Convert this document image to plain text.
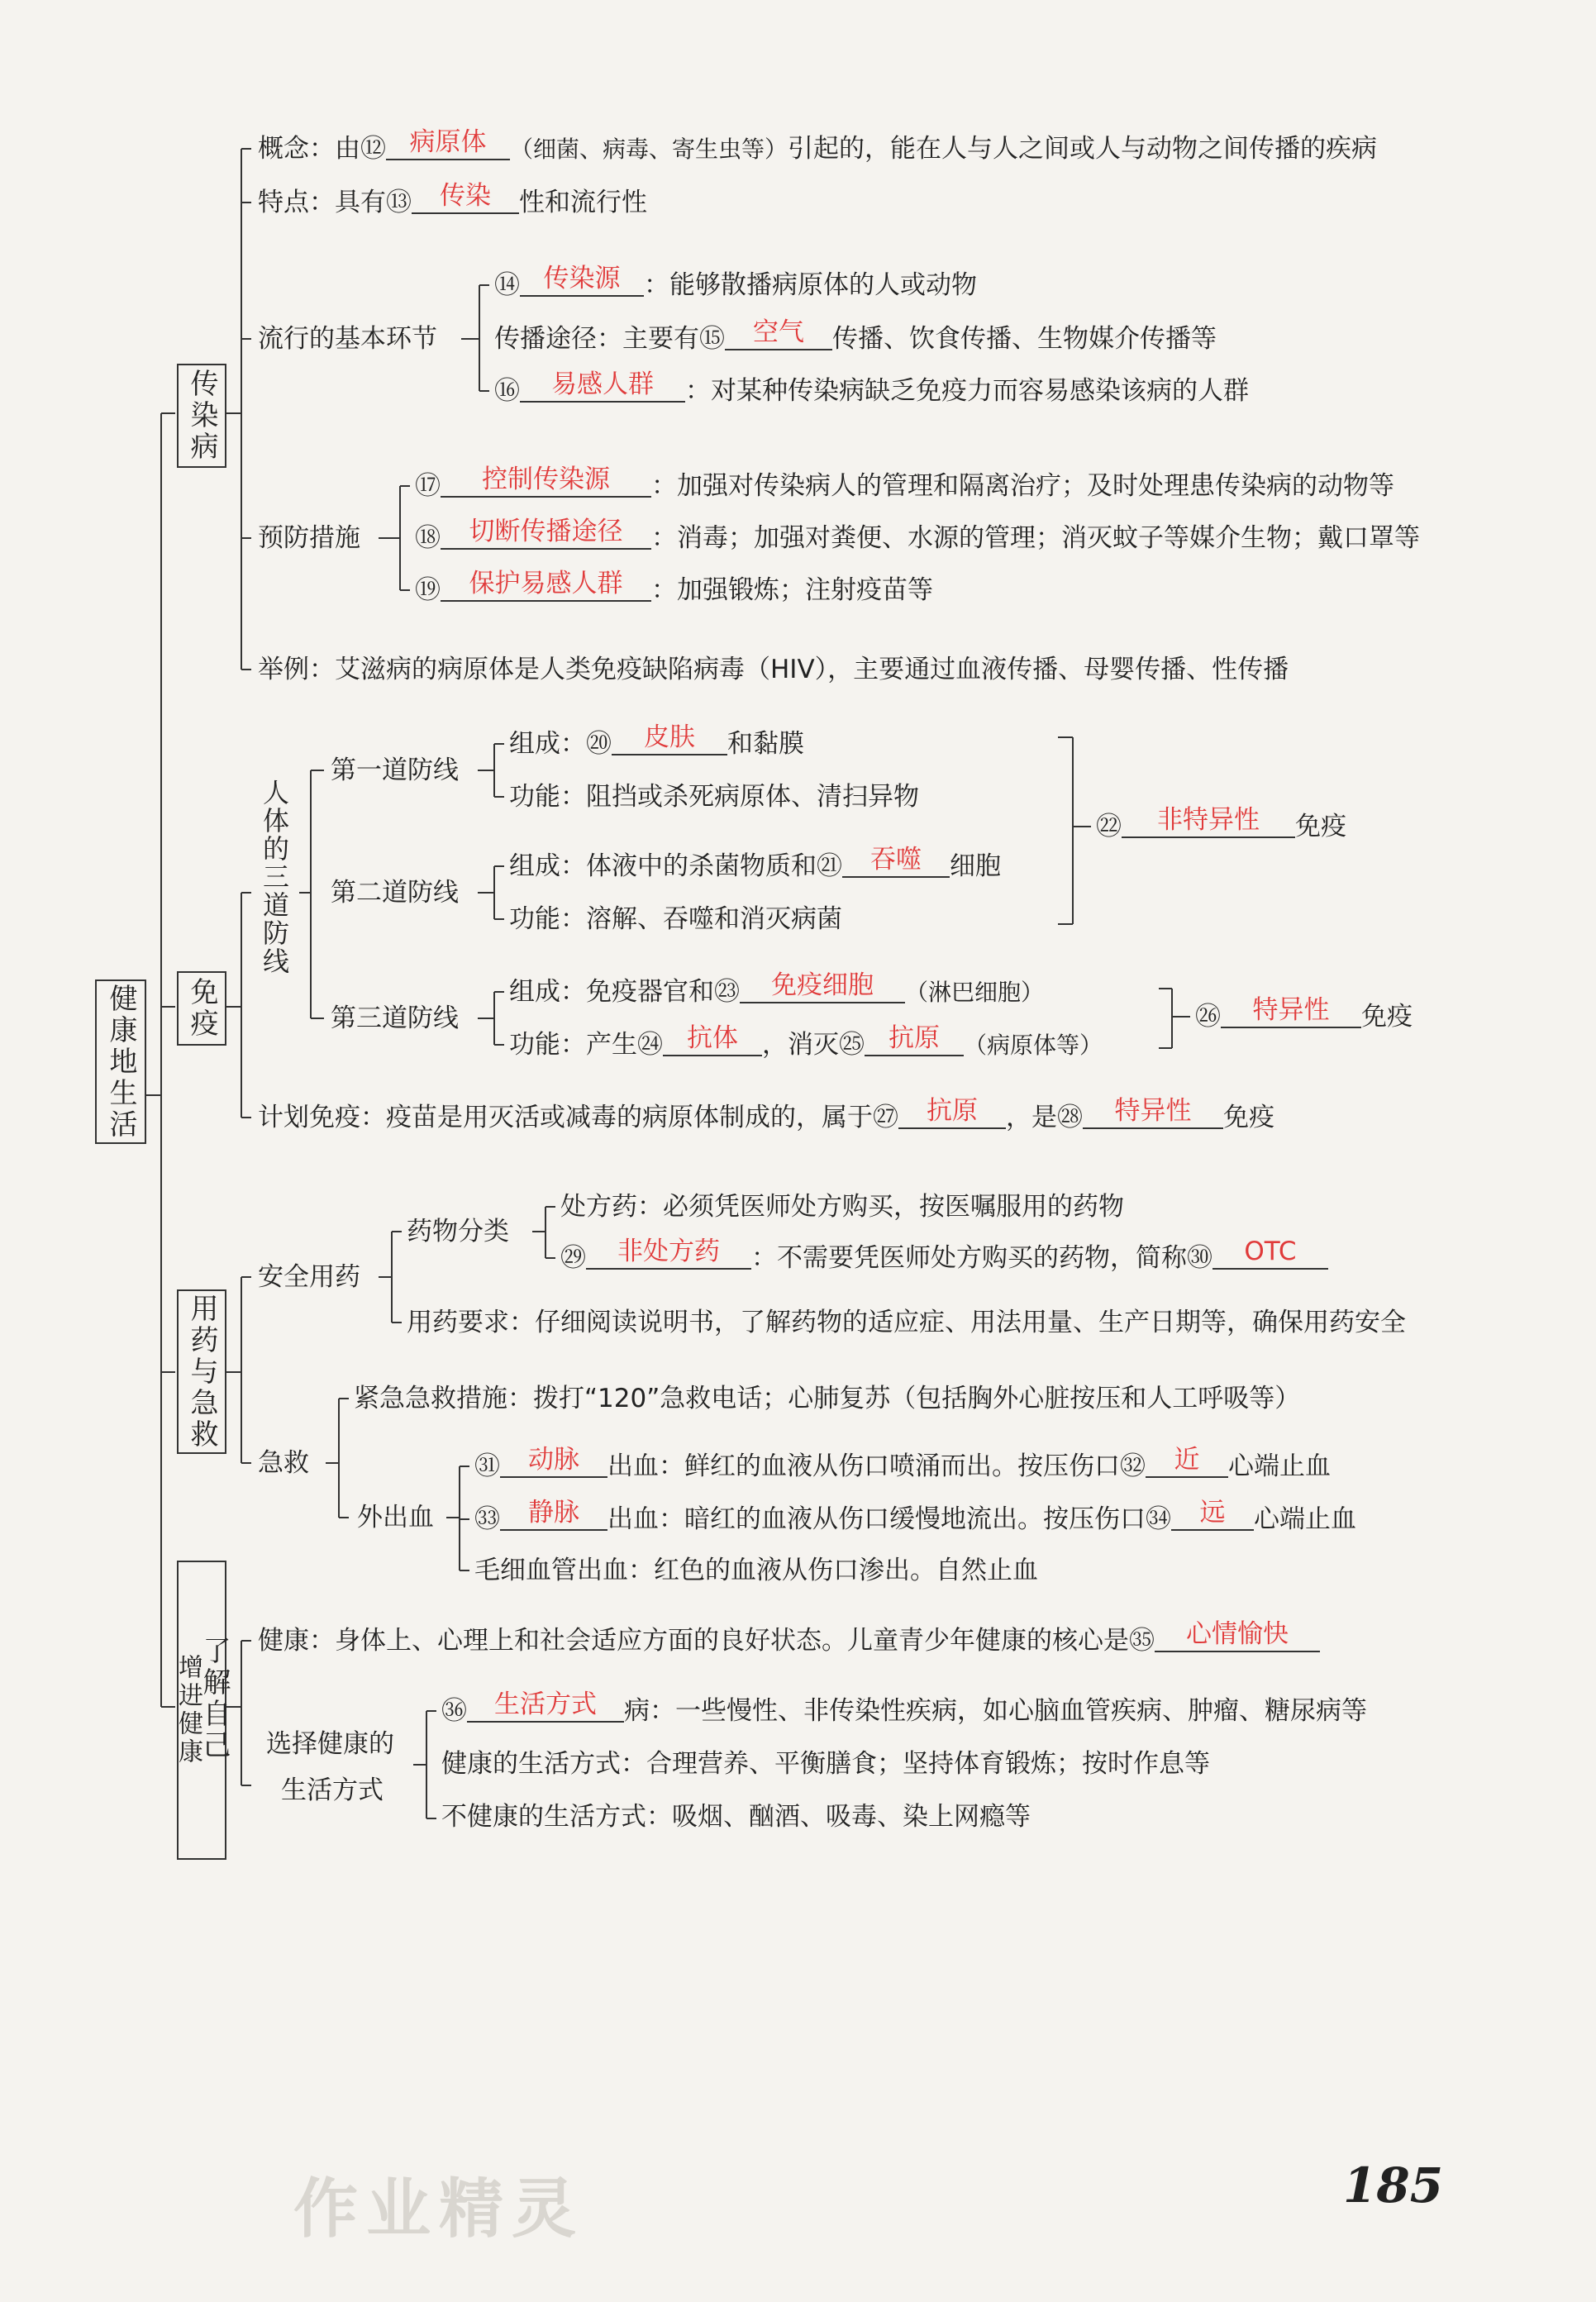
健康地生活
传染病
免疫
用药与急救
了解自己
增进健康
概念：由⑫ 病原体 （细菌、病毒、寄生虫等）引起的，能在人与人之间或人与动物之间传播的疾病
特点：具有⑬ 传染 性和流行性
流行的基本环节
⑭ 传染源 ：能够散播病原体的人或动物
传播途径：主要有⑮ 空气 传播、饮食传播、生物媒介传播等
⑯ 易感人群 ：对某种传染病缺乏免疫力而容易感染该病的人群
预防措施
⑰ 控制传染源 ：加强对传染病人的管理和隔离治疗；及时处理患传染病的动物等
⑱ 切断传播途径 ：消毒；加强对粪便、水源的管理；消灭蚊子等媒介生物；戴口罩等
⑲ 保护易感人群 ：加强锻炼；注射疫苗等
举例：艾滋病的病原体是人类免疫缺陷病毒（HIV），主要通过血液传播、母婴传播、性传播
人体的三道防线
第一道防线
组成：⑳ 皮肤 和黏膜
功能：阻挡或杀死病原体、清扫异物
第二道防线
组成：体液中的杀菌物质和㉑ 吞噬 细胞
功能：溶解、吞噬和消灭病菌
㉒ 非特异性 免疫
第三道防线
组成：免疫器官和㉓ 免疫细胞 （淋巴细胞）
功能：产生㉔ 抗体 ，消灭㉕ 抗原 （病原体等）
㉖ 特异性 免疫
计划免疫：疫苗是用灭活或减毒的病原体制成的，属于㉗ 抗原 ，是㉘ 特异性 免疫
安全用药
药物分类
处方药：必须凭医师处方购买，按医嘱服用的药物
㉙ 非处方药 ：不需要凭医师处方购买的药物，简称㉚ OTC
用药要求：仔细阅读说明书，了解药物的适应症、用法用量、生产日期等，确保用药安全
急救
紧急急救措施：拨打“120”急救电话；心肺复苏（包括胸外心脏按压和人工呼吸等）
外出血
㉛ 动脉 出血：鲜红的血液从伤口喷涌而出。按压伤口㉜ 近 心端止血
㉝ 静脉 出血：暗红的血液从伤口缓慢地流出。按压伤口㉞ 远 心端止血
毛细血管出血：红色的血液从伤口渗出。自然止血
健康：身体上、心理上和社会适应方面的良好状态。儿童青少年健康的核心是㉟ 心情愉快
选择健康的
生活方式
㊱ 生活方式 病：一些慢性、非传染性疾病，如心脑血管疾病、肿瘤、糖尿病等
健康的生活方式：合理营养、平衡膳食；坚持体育锻炼；按时作息等
不健康的生活方式：吸烟、酗酒、吸毒、染上网瘾等
作业精灵	185
